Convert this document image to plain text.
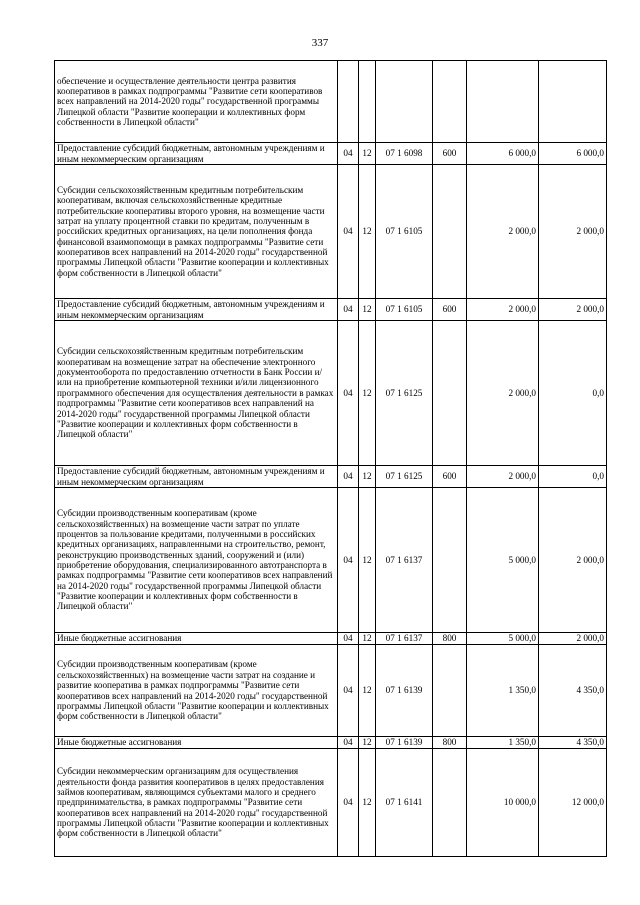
337
обеспечение и осуществление деятельности центра развития кооперативов в рамках подпрограммы "Развитие сети кооперативов всех направлений на 2014-2020 годы" государственной программы Липецкой области "Развитие кооперации и коллективных форм собственности в Липецкой области"						
Предоставление субсидий бюджетным, автономным учреждениям и иным некоммерческим организациям	04	12	07 1 6098	600	6 000,0	6 000,0
Субсидии сельскохозяйственным кредитным потребительским кооперативам, включая сельскохозяйственные кредитные потребительские кооперативы второго уровня, на возмещение части затрат на уплату процентной ставки по кредитам, полученным в российских кредитных организациях, на цели пополнения фонда финансовой взаимопомощи в рамках подпрограммы "Развитие сети кооперативов всех направлений на 2014-2020 годы" государственной программы Липецкой области "Развитие кооперации и коллективных форм собственности в Липецкой области"	04	12	07 1 6105		2 000,0	2 000,0
Предоставление субсидий бюджетным, автономным учреждениям и иным некоммерческим организациям	04	12	07 1 6105	600	2 000,0	2 000,0
Субсидии сельскохозяйственным кредитным потребительским кооперативам на возмещение затрат на обеспечение электронного документооборота по предоставлению отчетности в Банк России и/или на приобретение компьютерной техники и/или лицензионного программного обеспечения для осуществления деятельности в рамках подпрограммы "Развитие сети кооперативов всех направлений на 2014-2020 годы" государственной программы Липецкой области "Развитие кооперации и коллективных форм собственности в Липецкой области"	04	12	07 1 6125		2 000,0	0,0
Предоставление субсидий бюджетным, автономным учреждениям и иным некоммерческим организациям	04	12	07 1 6125	600	2 000,0	0,0
Субсидии производственным кооперативам (кроме сельскохозяйственных) на возмещение части затрат по уплате процентов за пользование кредитами, полученными в российских кредитных организациях, направленными на строительство, ремонт, реконструкцию производственных зданий, сооружений и (или) приобретение оборудования, специализированного автотранспорта в рамках подпрограммы "Развитие сети кооперативов всех направлений на 2014-2020 годы" государственной программы Липецкой области "Развитие кооперации и коллективных форм собственности в Липецкой области"	04	12	07 1 6137		5 000,0	2 000,0
Иные бюджетные ассигнования	04	12	07 1 6137	800	5 000,0	2 000,0
Субсидии производственным кооперативам (кроме сельскохозяйственных) на возмещение части затрат на создание и развитие кооператива в рамках подпрограммы "Развитие сети кооперативов всех направлений на 2014-2020 годы" государственной программы Липецкой области "Развитие кооперации и коллективных форм собственности в Липецкой области"	04	12	07 1 6139		1 350,0	4 350,0
Иные бюджетные ассигнования	04	12	07 1 6139	800	1 350,0	4 350,0
Субсидии некоммерческим организациям для осуществления деятельности фонда развития кооперативов в целях предоставления займов кооперативам, являющимся субъектами малого и среднего предпринимательства, в рамках подпрограммы "Развитие сети кооперативов всех направлений на 2014-2020 годы" государственной программы Липецкой области "Развитие кооперации и коллективных форм собственности в Липецкой области"	04	12	07 1 6141		10 000,0	12 000,0
